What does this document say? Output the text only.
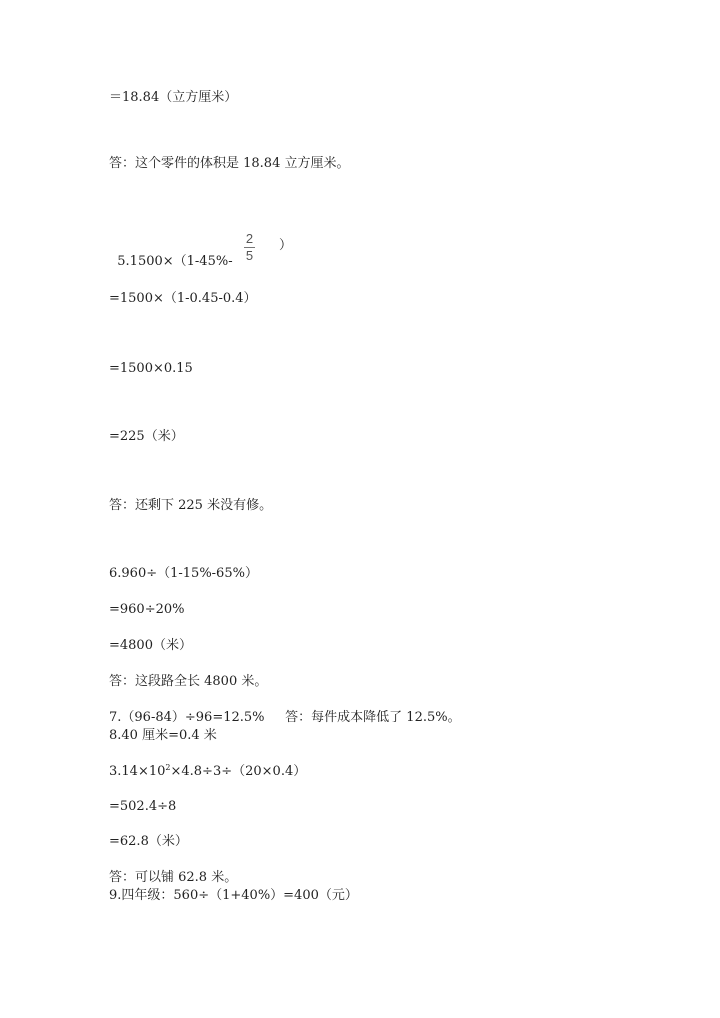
＝18.84（立方厘米）
答：这个零件的体积是 18.84 立方厘米。

5.1500×（1-45%-

2
5
）
=1500×（1-0.45-0.4）
=1500×0.15
=225（米）
答：还剩下 225 米没有修。
6.960÷（1-15%-65%）
=960÷20%
=4800（米）
答：这段路全长 4800 米。
7.（96-84）÷96=12.5%     答：每件成本降低了 12.5%。
8.40 厘米=0.4 米
$3.14\times 10^2\times 4.8\div 3\div(20\times 0.4)$
=502.4÷8
=62.8（米）
答：可以铺 62.8 米。
9.四年级：560÷（1+40%）=400（元）
